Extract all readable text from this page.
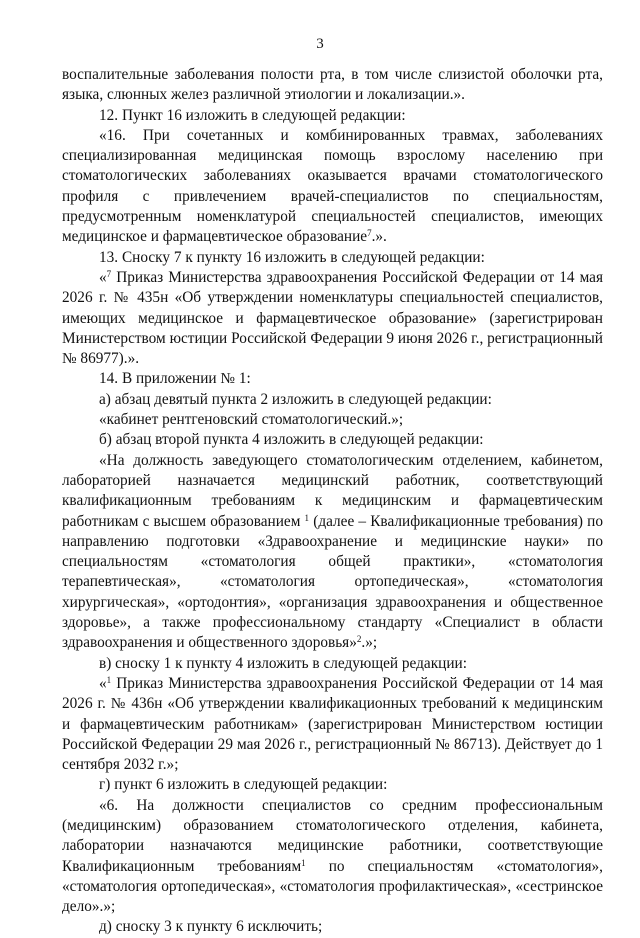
3

воспалительные заболевания полости рта, в том числе слизистой оболочки рта, языка, слюнных желез различной этиологии и локализации.».

12. Пункт 16 изложить в следующей редакции:

«16. При сочетанных и комбинированных травмах, заболеваниях специализированная медицинская помощь взрослому населению при стоматологических заболеваниях оказывается врачами стоматологического профиля с привлечением врачей-специалистов по специальностям, предусмотренным номенклатурой специальностей специалистов, имеющих медицинское и фармацевтическое образование$^7$.».

13. Сноску 7 к пункту 16 изложить в следующей редакции:

«$^7$ Приказ Министерства здравоохранения Российской Федерации от 14 мая 2026 г. № 435н «Об утверждении номенклатуры специальностей специалистов, имеющих медицинское и фармацевтическое образование» (зарегистрирован Министерством юстиции Российской Федерации 9 июня 2026 г., регистрационный № 86977).».

14. В приложении № 1:

а) абзац девятый пункта 2 изложить в следующей редакции:

«кабинет рентгеновский стоматологический.»;

б) абзац второй пункта 4 изложить в следующей редакции:

«На должность заведующего стоматологическим отделением, кабинетом, лабораторией назначается медицинский работник, соответствующий квалификационным требованиям к медицинским и фармацевтическим работникам с высшем образованием $^1$ (далее – Квалификационные требования) по направлению подготовки «Здравоохранение и медицинские науки» по специальностям «стоматология общей практики», «стоматология терапевтическая», «стоматология ортопедическая», «стоматология хирургическая», «ортодонтия», «организация здравоохранения и общественное здоровье», а также профессиональному стандарту «Специалист в области здравоохранения и общественного здоровья»$^2$.»;

в) сноску 1 к пункту 4 изложить в следующей редакции:

«$^1$ Приказ Министерства здравоохранения Российской Федерации от 14 мая 2026 г. № 436н «Об утверждении квалификационных требований к медицинским и фармацевтическим работникам» (зарегистрирован Министерством юстиции Российской Федерации 29 мая 2026 г., регистрационный № 86713). Действует до 1 сентября 2032 г.»;

г) пункт 6 изложить в следующей редакции:

«6. На должности специалистов со средним профессиональным (медицинским) образованием стоматологического отделения, кабинета, лаборатории назначаются медицинские работники, соответствующие Квалификационным требованиям$^1$ по специальностям «стоматология», «стоматология ортопедическая», «стоматология профилактическая», «сестринское дело».»;

д) сноску 3 к пункту 6 исключить;
